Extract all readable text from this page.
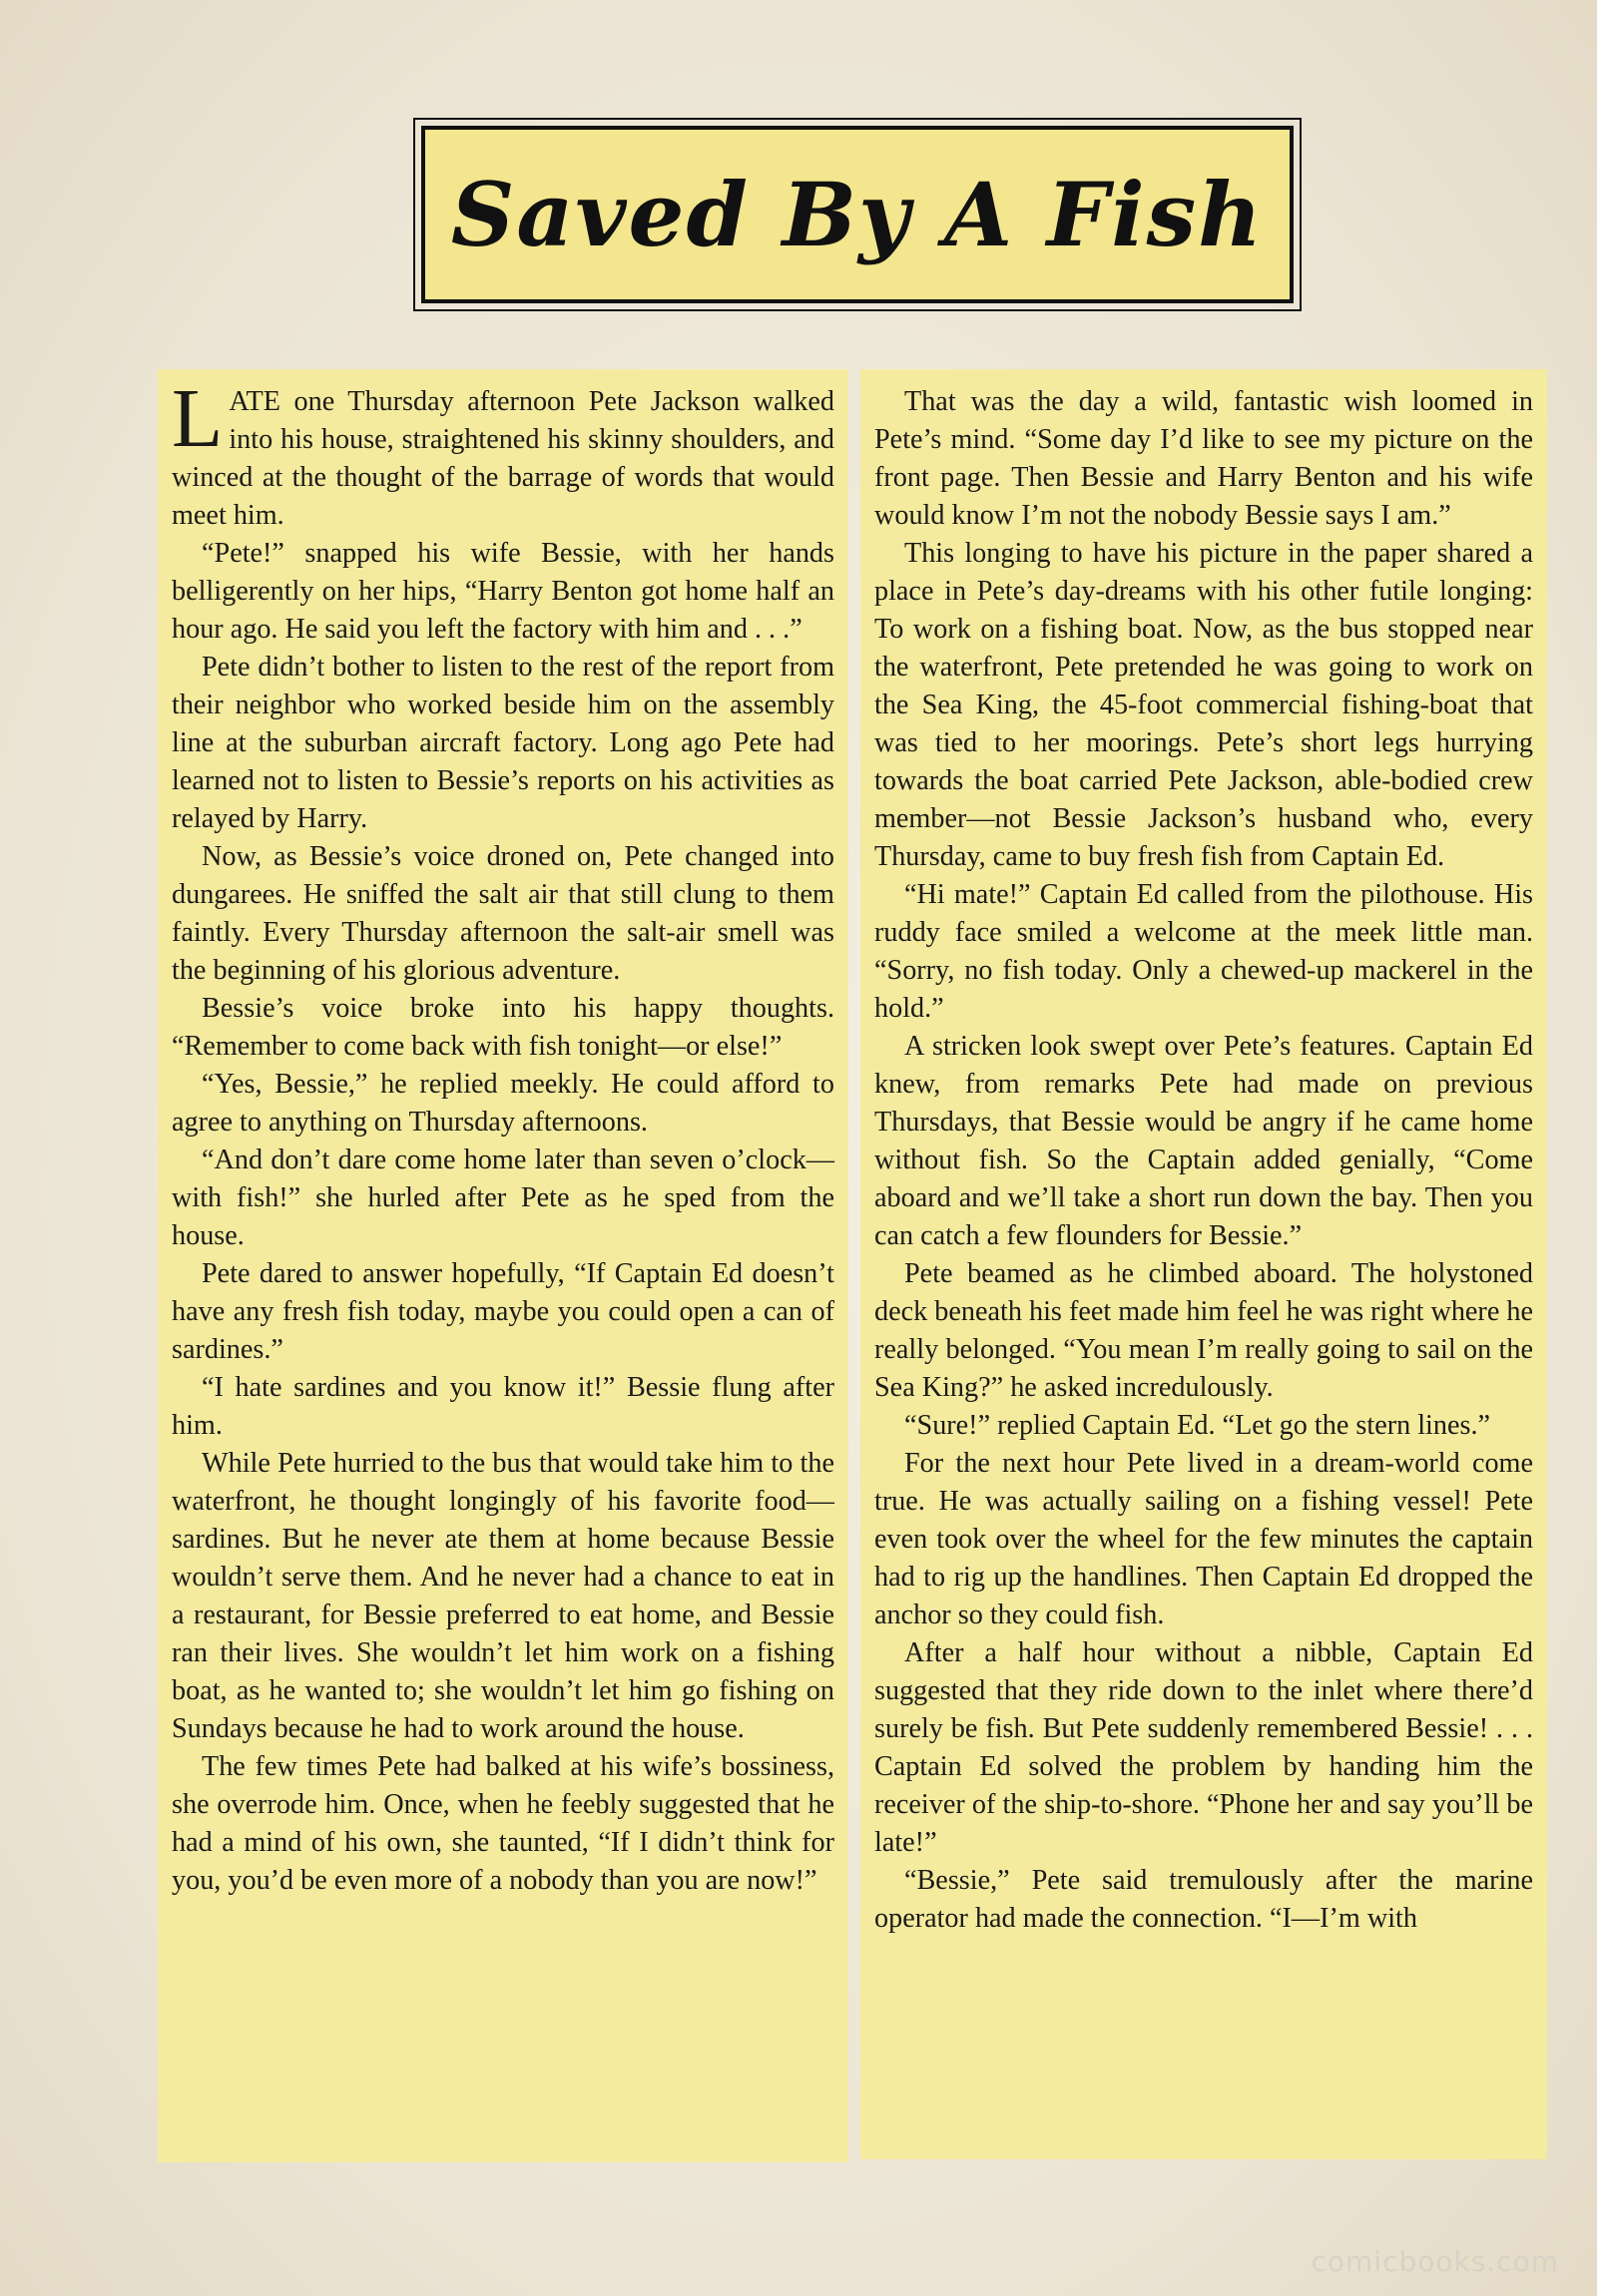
Saved By A Fish

LATE one Thursday afternoon Pete Jackson walked into his house, straightened his skinny shoulders, and winced at the thought of the barrage of words that would meet him.

“Pete!” snapped his wife Bessie, with her hands belligerently on her hips, “Harry Benton got home half an hour ago. He said you left the factory with him and . . .”

Pete didn’t bother to listen to the rest of the report from their neighbor who worked beside him on the assembly line at the suburban aircraft factory. Long ago Pete had learned not to listen to Bessie’s reports on his activities as relayed by Harry.

Now, as Bessie’s voice droned on, Pete changed into dungarees. He sniffed the salt air that still clung to them faintly. Every Thursday afternoon the salt-air smell was the beginning of his glorious adventure.

Bessie’s voice broke into his happy thoughts. “Remember to come back with fish tonight—or else!”

“Yes, Bessie,” he replied meekly. He could afford to agree to anything on Thursday afternoons.

“And don’t dare come home later than seven o’clock—with fish!” she hurled after Pete as he sped from the house.

Pete dared to answer hopefully, “If Captain Ed doesn’t have any fresh fish today, maybe you could open a can of sardines.”

“I hate sardines and you know it!” Bessie flung after him.

While Pete hurried to the bus that would take him to the waterfront, he thought longingly of his favorite food—sardines. But he never ate them at home because Bessie wouldn’t serve them. And he never had a chance to eat in a restaurant, for Bessie preferred to eat home, and Bessie ran their lives. She wouldn’t let him work on a fishing boat, as he wanted to; she wouldn’t let him go fishing on Sundays because he had to work around the house.

The few times Pete had balked at his wife’s bossiness, she overrode him. Once, when he feebly suggested that he had a mind of his own, she taunted, “If I didn’t think for you, you’d be even more of a nobody than you are now!”

That was the day a wild, fantastic wish loomed in Pete’s mind. “Some day I’d like to see my picture on the front page. Then Bessie and Harry Benton and his wife would know I’m not the nobody Bessie says I am.”

This longing to have his picture in the paper shared a place in Pete’s day-dreams with his other futile longing: To work on a fishing boat. Now, as the bus stopped near the waterfront, Pete pretended he was going to work on the Sea King, the 45-foot commercial fishing-boat that was tied to her moorings. Pete’s short legs hurrying towards the boat carried Pete Jackson, able-bodied crew member—not Bessie Jackson’s husband who, every Thursday, came to buy fresh fish from Captain Ed.

“Hi mate!” Captain Ed called from the pilothouse. His ruddy face smiled a welcome at the meek little man. “Sorry, no fish today. Only a chewed-up mackerel in the hold.”

A stricken look swept over Pete’s features. Captain Ed knew, from remarks Pete had made on previous Thursdays, that Bessie would be angry if he came home without fish. So the Captain added genially, “Come aboard and we’ll take a short run down the bay. Then you can catch a few flounders for Bessie.”

Pete beamed as he climbed aboard. The holystoned deck beneath his feet made him feel he was right where he really belonged. “You mean I’m really going to sail on the Sea King?” he asked incredulously.

“Sure!” replied Captain Ed. “Let go the stern lines.”

For the next hour Pete lived in a dream-world come true. He was actually sailing on a fishing vessel! Pete even took over the wheel for the few minutes the captain had to rig up the handlines. Then Captain Ed dropped the anchor so they could fish.

After a half hour without a nibble, Captain Ed suggested that they ride down to the inlet where there’d surely be fish. But Pete suddenly remembered Bessie! . . . Captain Ed solved the problem by handing him the receiver of the ship-to-shore. “Phone her and say you’ll be late!”

“Bessie,” Pete said tremulously after the marine operator had made the connection. “I—I’m with

comicbooks.com
